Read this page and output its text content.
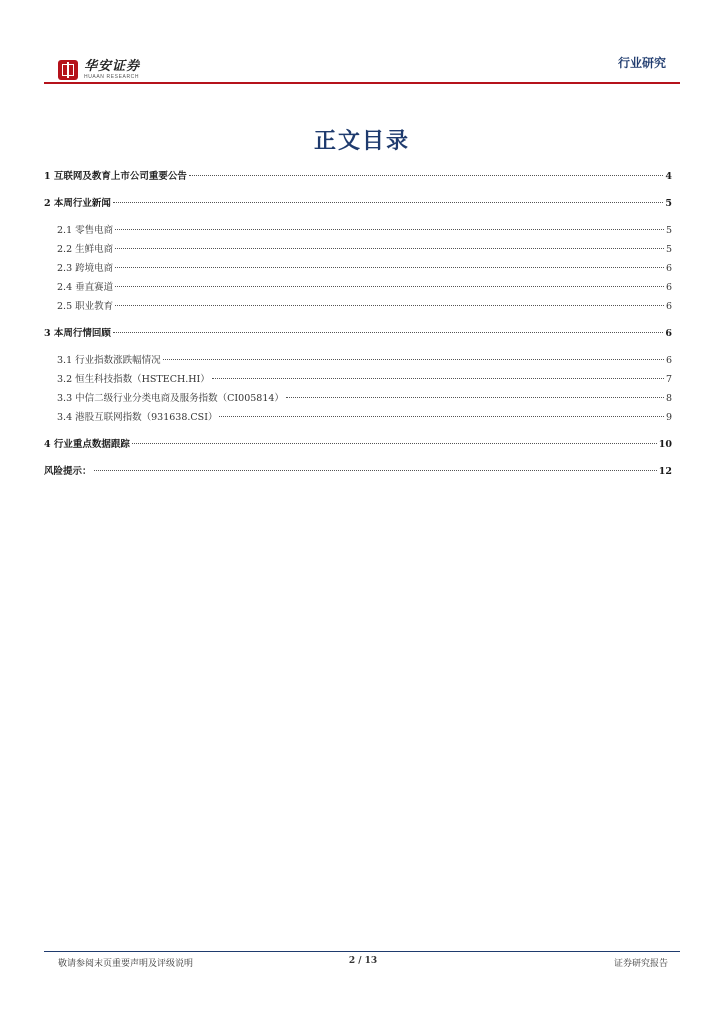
华安证券
HUAAN RESEARCH
行业研究
正文目录
1 互联网及教育上市公司重要公告	4
2 本周行业新闻	5
2.1 零售电商	5
2.2 生鲜电商	5
2.3 跨境电商	6
2.4 垂直赛道	6
2.5 职业教育	6
3 本周行情回顾	6
3.1 行业指数涨跌幅情况	6
3.2 恒生科技指数（HSTECH.HI）	7
3.3 中信二级行业分类电商及服务指数（CI005814）	8
3.4 港股互联网指数（931638.CSI）	9
4 行业重点数据跟踪	10
风险提示：	12
敬请参阅末页重要声明及评级说明	2 / 13	证券研究报告
